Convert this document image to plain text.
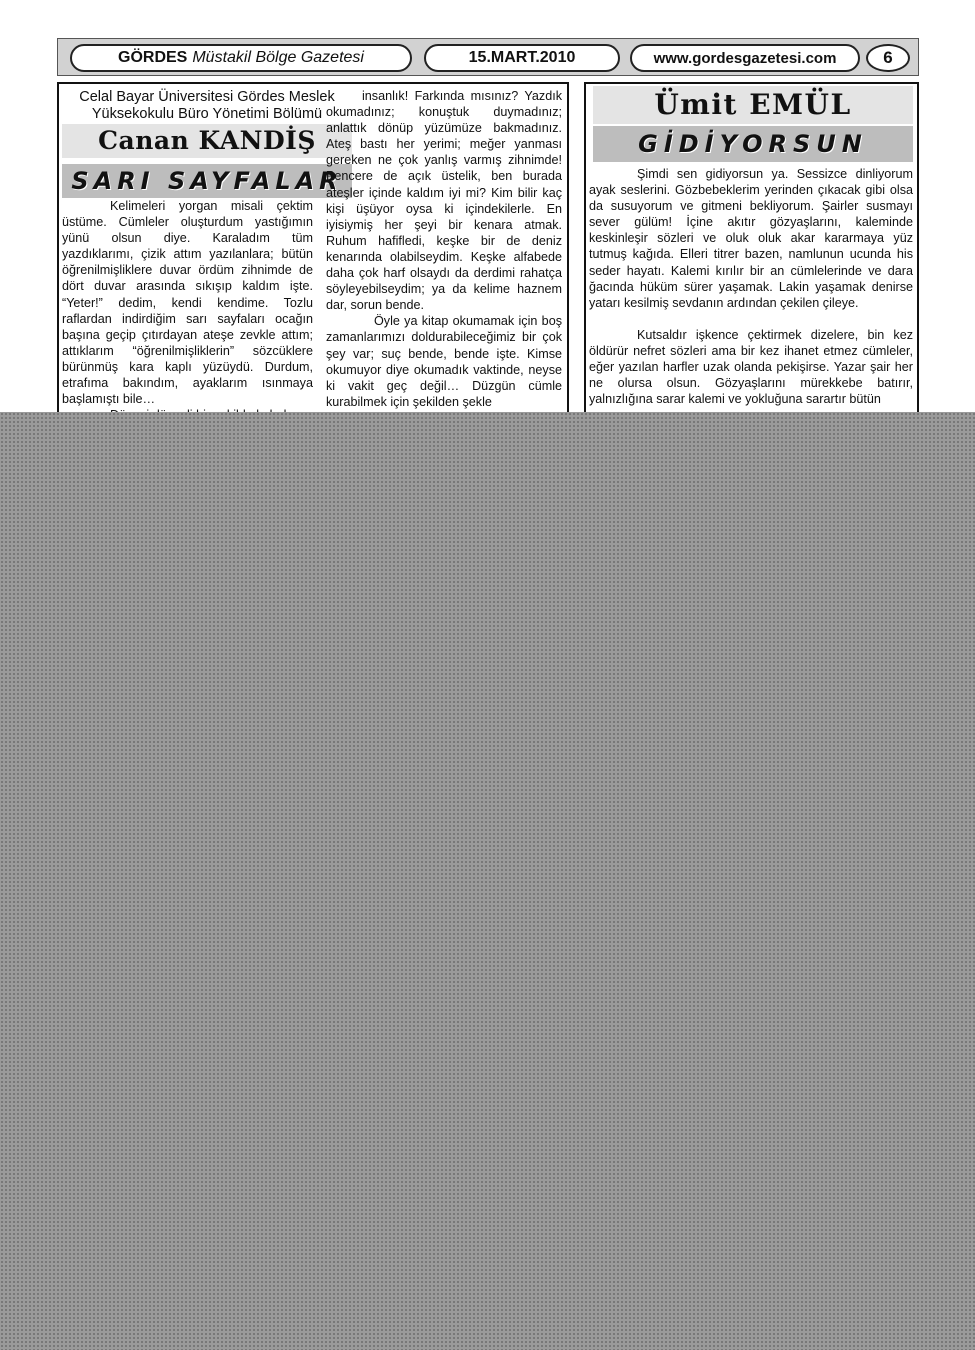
GÖRDES Müstakil Bölge Gazetesi	15.MART.2010	www.gordesgazetesi.com	6
Celal Bayar Üniversitesi Gördes Meslek
Yüksekokulu Büro Yönetimi Bölümü
Canan KANDİŞ
SARI SAYFALAR

Kelimeleri yorgan misali çektim üstüme. Cümleler oluşturdum yastığımın yünü olsun diye. Karaladım tüm yazdıklarımı, çizik attım yazılanlara; bütün öğrenilmişliklere duvar ördüm zihnimde de dört duvar arasında sıkışıp kaldım işte. “Yeter!” dedim, kendi kendime. Tozlu raflardan indirdiğim sarı sayfaları ocağın başına geçip çıtırdayan ateşe zevkle attım; attıklarım “öğrenilmişliklerin” sözcüklere bürünmüş kara kaplı yüzüydü. Durdum, etrafıma bakındım, ayaklarım ısınmaya başlamıştı bile…

insanlık! Farkında mısınız? Yazdık okumadınız; konuştuk duymadınız; anlattık dönüp yüzümüze bakmadınız. Ateş bastı her yerimi; meğer yanması gereken ne çok yanlış varmış zihnimde! Pencere de açık üstelik, ben burada ateşler içinde kaldım iyi mi? Kim bilir kaç kişi üşüyor oysa ki içindekilerle. En iyisiymiş her şeyi bir kenara atmak. Ruhum hafifledi, keşke bir de deniz kenarında olabilseydim. Keşke alfabede daha çok harf olsaydı da derdimi rahatça söyleyebilseydim; ya da kelime haznem dar, sorun bende.

Öyle ya kitap okumamak için boş zamanlarımızı doldurabileceğimiz bir çok şey var; suç bende, bende işte. Kimse okumuyor diye okumadık vaktinde, neyse ki vakit geç değil… Düzgün cümle kurabilmek için şekilden şekle

Ümit EMÜL
GİDİYORSUN

Şimdi sen gidiyorsun ya. Sessizce dinliyorum ayak seslerini. Gözbebeklerim yerinden çıkacak gibi olsa da susuyorum ve gitmeni bekliyorum. Şairler susmayı sever gülüm! İçine akıtır gözyaşlarını, kaleminde keskinleşir sözleri ve oluk oluk akar kararmaya yüz tutmuş kağıda. Elleri titrer bazen, namlunun ucunda his seder hayatı. Kalemi kırılır bir an cümlelerinde ve dara ğacında hüküm sürer yaşamak. Lakin yaşamak denirse yatarı kesilmiş sevdanın ardından çekilen çileye.

Kutsaldır işkence çektirmek dizelere, bin kez öldürür nefret sözleri ama bir kez ihanet etmez cümleler, eğer yazılan harfler uzak olanda pekişirse. Yazar şair her ne olursa olsun. Gözyaşlarını mürekkebe batırır, yalnızlığına sarar kalemi ve yokluğuna sarartır bütün
